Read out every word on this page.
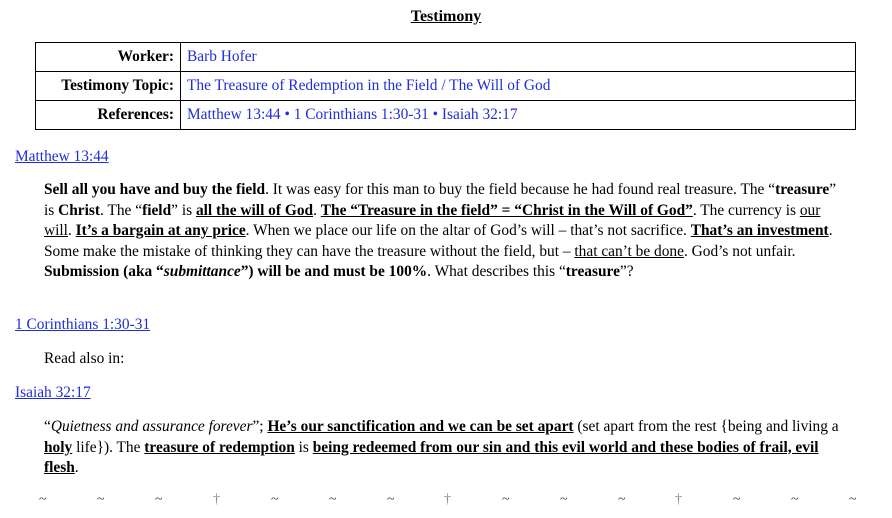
Testimony
Worker:	Barb Hofer
Testimony Topic:	The Treasure of Redemption in the Field / The Will of God
References:	Matthew 13:44 • 1 Corinthians 1:30-31 • Isaiah 32:17
Matthew 13:44
Sell all you have and buy the field. It was easy for this man to buy the field because he had found real treasure. The “treasure” is Christ. The “field” is all the will of God. The “Treasure in the field” = “Christ in the Will of God”. The currency is our will. It’s a bargain at any price. When we place our life on the altar of God’s will – that’s not sacrifice. That’s an investment. Some make the mistake of thinking they can have the treasure without the field, but – that can’t be done. God’s not unfair. Submission (aka “submittance”) will be and must be 100%. What describes this “treasure”?
1 Corinthians 1:30-31
Read also in:
Isaiah 32:17
“Quietness and assurance forever”; He’s our sanctification and we can be set apart (set apart from the rest {being and living a holy life}). The treasure of redemption is being redeemed from our sin and this evil world and these bodies of frail, evil flesh.
~	~	~	†	~	~	~	†	~	~	~	†	~	~	~
